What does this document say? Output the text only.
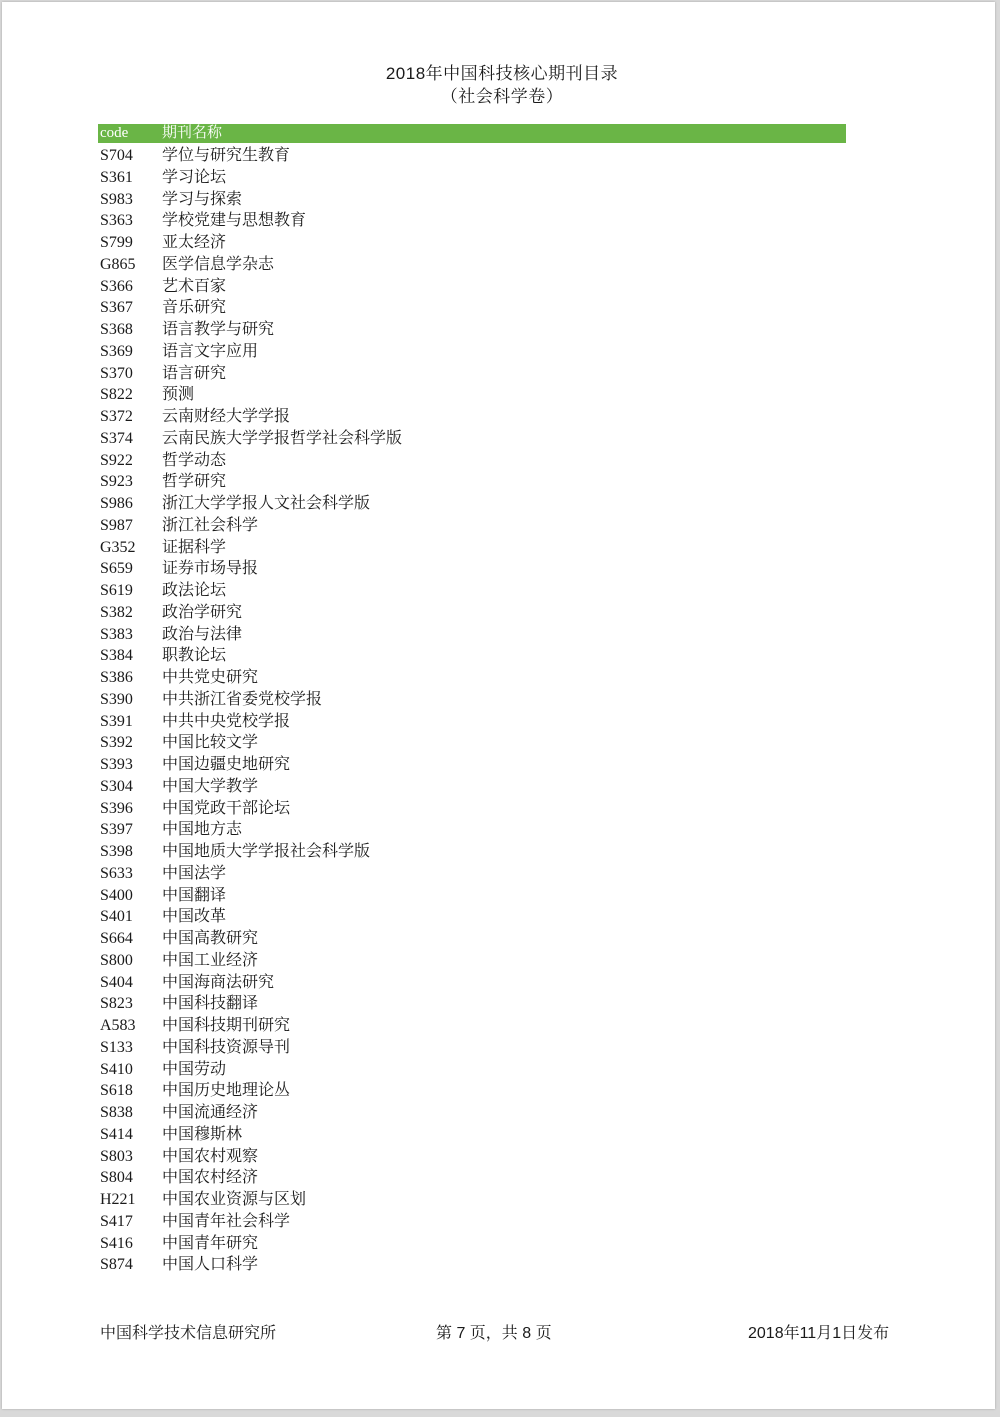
2018年中国科技核心期刊目录
（社会科学卷）
code 期刊名称
S704 学位与研究生教育
S361 学习论坛
S983 学习与探索
S363 学校党建与思想教育
S799 亚太经济
G865 医学信息学杂志
S366 艺术百家
S367 音乐研究
S368 语言教学与研究
S369 语言文字应用
S370 语言研究
S822 预测
S372 云南财经大学学报
S374 云南民族大学学报哲学社会科学版
S922 哲学动态
S923 哲学研究
S986 浙江大学学报人文社会科学版
S987 浙江社会科学
G352 证据科学
S659 证券市场导报
S619 政法论坛
S382 政治学研究
S383 政治与法律
S384 职教论坛
S386 中共党史研究
S390 中共浙江省委党校学报
S391 中共中央党校学报
S392 中国比较文学
S393 中国边疆史地研究
S304 中国大学教学
S396 中国党政干部论坛
S397 中国地方志
S398 中国地质大学学报社会科学版
S633 中国法学
S400 中国翻译
S401 中国改革
S664 中国高教研究
S800 中国工业经济
S404 中国海商法研究
S823 中国科技翻译
A583 中国科技期刊研究
S133 中国科技资源导刊
S410 中国劳动
S618 中国历史地理论丛
S838 中国流通经济
S414 中国穆斯林
S803 中国农村观察
S804 中国农村经济
H221 中国农业资源与区划
S417 中国青年社会科学
S416 中国青年研究
S874 中国人口科学
中国科学技术信息研究所	第 7 页，共 8 页	2018年11月1日发布
